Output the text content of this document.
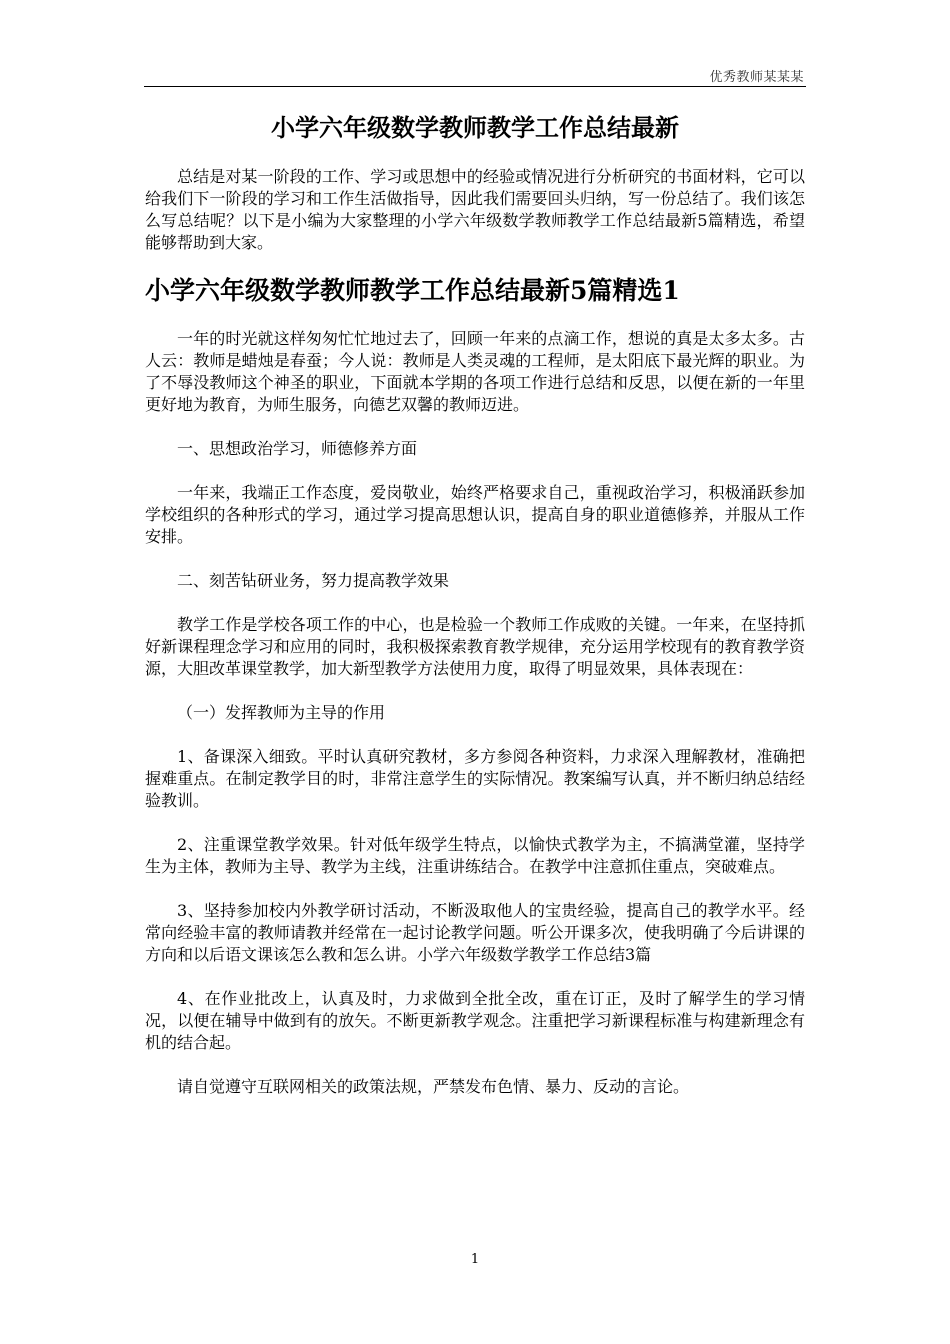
优秀教师某某某
小学六年级数学教师教学工作总结最新

总结是对某一阶段的工作、学习或思想中的经验或情况进行分析研究的书面材料，它可以给我们下一阶段的学习和工作生活做指导，因此我们需要回头归纳，写一份总结了。我们该怎么写总结呢？以下是小编为大家整理的小学六年级数学教师教学工作总结最新5篇精选，希望能够帮助到大家。

小学六年级数学教师教学工作总结最新5篇精选1

一年的时光就这样匆匆忙忙地过去了，回顾一年来的点滴工作，想说的真是太多太多。古人云：教师是蜡烛是春蚕；今人说：教师是人类灵魂的工程师，是太阳底下最光辉的职业。为了不辱没教师这个神圣的职业，下面就本学期的各项工作进行总结和反思，以便在新的一年里更好地为教育，为师生服务，向德艺双馨的教师迈进。

一、思想政治学习，师德修养方面

一年来，我端正工作态度，爱岗敬业，始终严格要求自己，重视政治学习，积极涌跃参加学校组织的各种形式的学习，通过学习提高思想认识，提高自身的职业道德修养，并服从工作安排。

二、刻苦钻研业务，努力提高教学效果

教学工作是学校各项工作的中心，也是检验一个教师工作成败的关键。一年来，在坚持抓好新课程理念学习和应用的同时，我积极探索教育教学规律，充分运用学校现有的教育教学资源，大胆改革课堂教学，加大新型教学方法使用力度，取得了明显效果，具体表现在：

（一）发挥教师为主导的作用

1、备课深入细致。平时认真研究教材，多方参阅各种资料，力求深入理解教材，准确把握难重点。在制定教学目的时，非常注意学生的实际情况。教案编写认真，并不断归纳总结经验教训。

2、注重课堂教学效果。针对低年级学生特点，以愉快式教学为主，不搞满堂灌，坚持学生为主体，教师为主导、教学为主线，注重讲练结合。在教学中注意抓住重点，突破难点。

3、坚持参加校内外教学研讨活动，不断汲取他人的宝贵经验，提高自己的教学水平。经常向经验丰富的教师请教并经常在一起讨论教学问题。听公开课多次，使我明确了今后讲课的方向和以后语文课该怎么教和怎么讲。小学六年级数学教学工作总结3篇

4、在作业批改上，认真及时，力求做到全批全改，重在订正，及时了解学生的学习情况，以便在辅导中做到有的放矢。不断更新教学观念。注重把学习新课程标准与构建新理念有机的结合起。

请自觉遵守互联网相关的政策法规，严禁发布色情、暴力、反动的言论。

1
